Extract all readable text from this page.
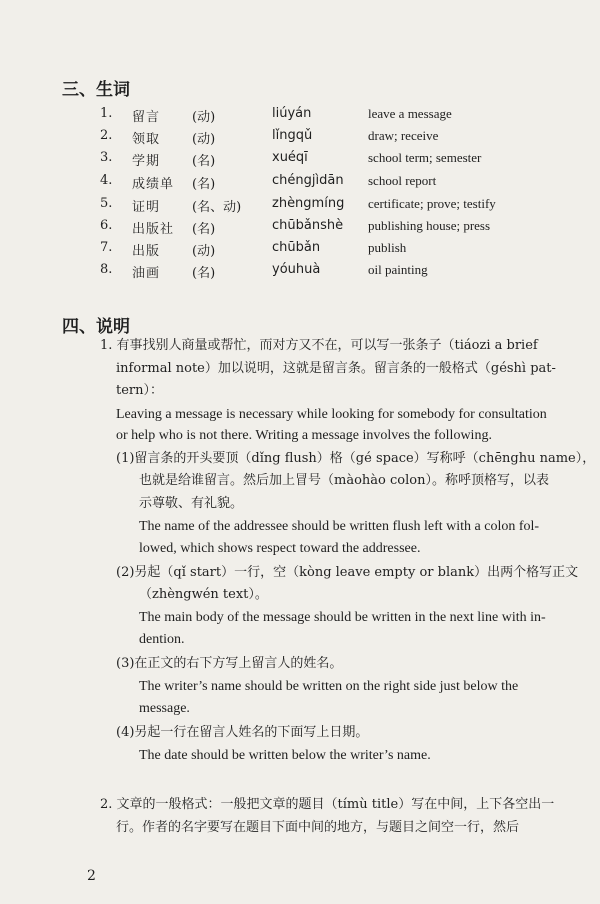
三、生词
1. 留言 (动)	liúyán	leave a message
2. 领取 (动)	lǐngqǔ	draw; receive
3. 学期 (名)	xuéqī	school term; semester
4. 成绩单 (名)	chéngjìdān school report
5. 证明 (名、动) zhèngmíng certificate; prove; testify
6. 出版社 (名)	chūbǎnshè publishing house; press
7. 出版 (动)	chūbǎn	publish
8. 油画 (名)	yóuhuà	oil painting
四、说明
1. 有事找别人商量或帮忙，而对方又不在，可以写一张条子（tiáozi a brief
informal note）加以说明，这就是留言条。留言条的一般格式（géshì pat-
tern）：
Leaving a message is necessary while looking for somebody for consultation
or help who is not there. Writing a message involves the following.
(1)留言条的开头要顶（dǐng flush）格（gé space）写称呼（chēnghu name），
也就是给谁留言。然后加上冒号（màohào colon）。称呼顶格写，以表
示尊敬、有礼貌。
The name of the addressee should be written flush left with a colon fol-
lowed, which shows respect toward the addressee.
(2)另起（qǐ start）一行，空（kòng leave empty or blank）出两个格写正文
（zhèngwén text）。
The main body of the message should be written in the next line with in-
dention.
(3)在正文的右下方写上留言人的姓名。
The writer’s name should be written on the right side just below the
message.
(4)另起一行在留言人姓名的下面写上日期。
The date should be written below the writer’s name.
2. 文章的一般格式：一般把文章的题目（tímù title）写在中间，上下各空出一
行。作者的名字要写在题目下面中间的地方，与题目之间空一行，然后
2
